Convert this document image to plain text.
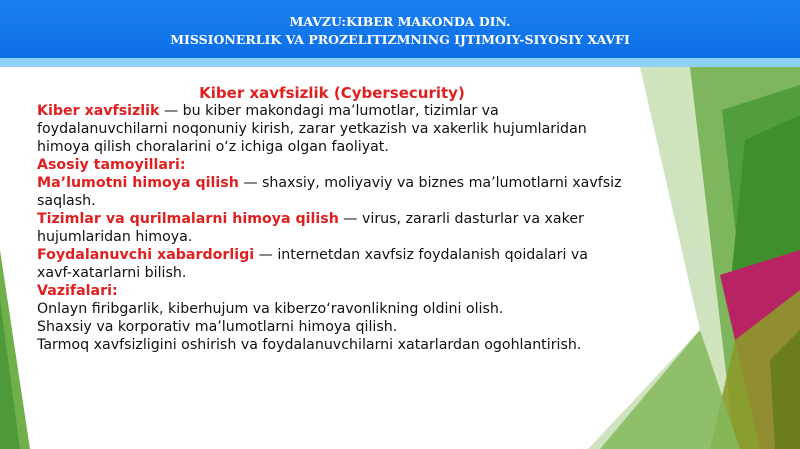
MAVZU:KIBER MAKONDA DIN.
MISSIONERLIK VA PROZELITIZMNING IJTIMOIY-SIYOSIY XAVFI

Kiber xavfsizlik (Cybersecurity)

Kiber xavfsizlik — bu kiber makondagi ma’lumotlar, tizimlar va foydalanuvchilarni noqonuniy kirish, zarar yetkazish va xakerlik hujumlaridan himoya qilish choralarini o‘z ichiga olgan faoliyat.

Asosiy tamoyillari:

Ma’lumotni himoya qilish — shaxsiy, moliyaviy va biznes ma’lumotlarni xavfsiz saqlash.

Tizimlar va qurilmalarni himoya qilish — virus, zararli dasturlar va xaker hujumlaridan himoya.

Foydalanuvchi xabardorligi — internetdan xavfsiz foydalanish qoidalari va xavf-xatarlarni bilish.

Vazifalari:

Onlayn firibgarlik, kiberhujum va kiberzo‘ravonlikning oldini olish.

Shaxsiy va korporativ ma’lumotlarni himoya qilish.

Tarmoq xavfsizligini oshirish va foydalanuvchilarni xatarlardan ogohlantirish.
